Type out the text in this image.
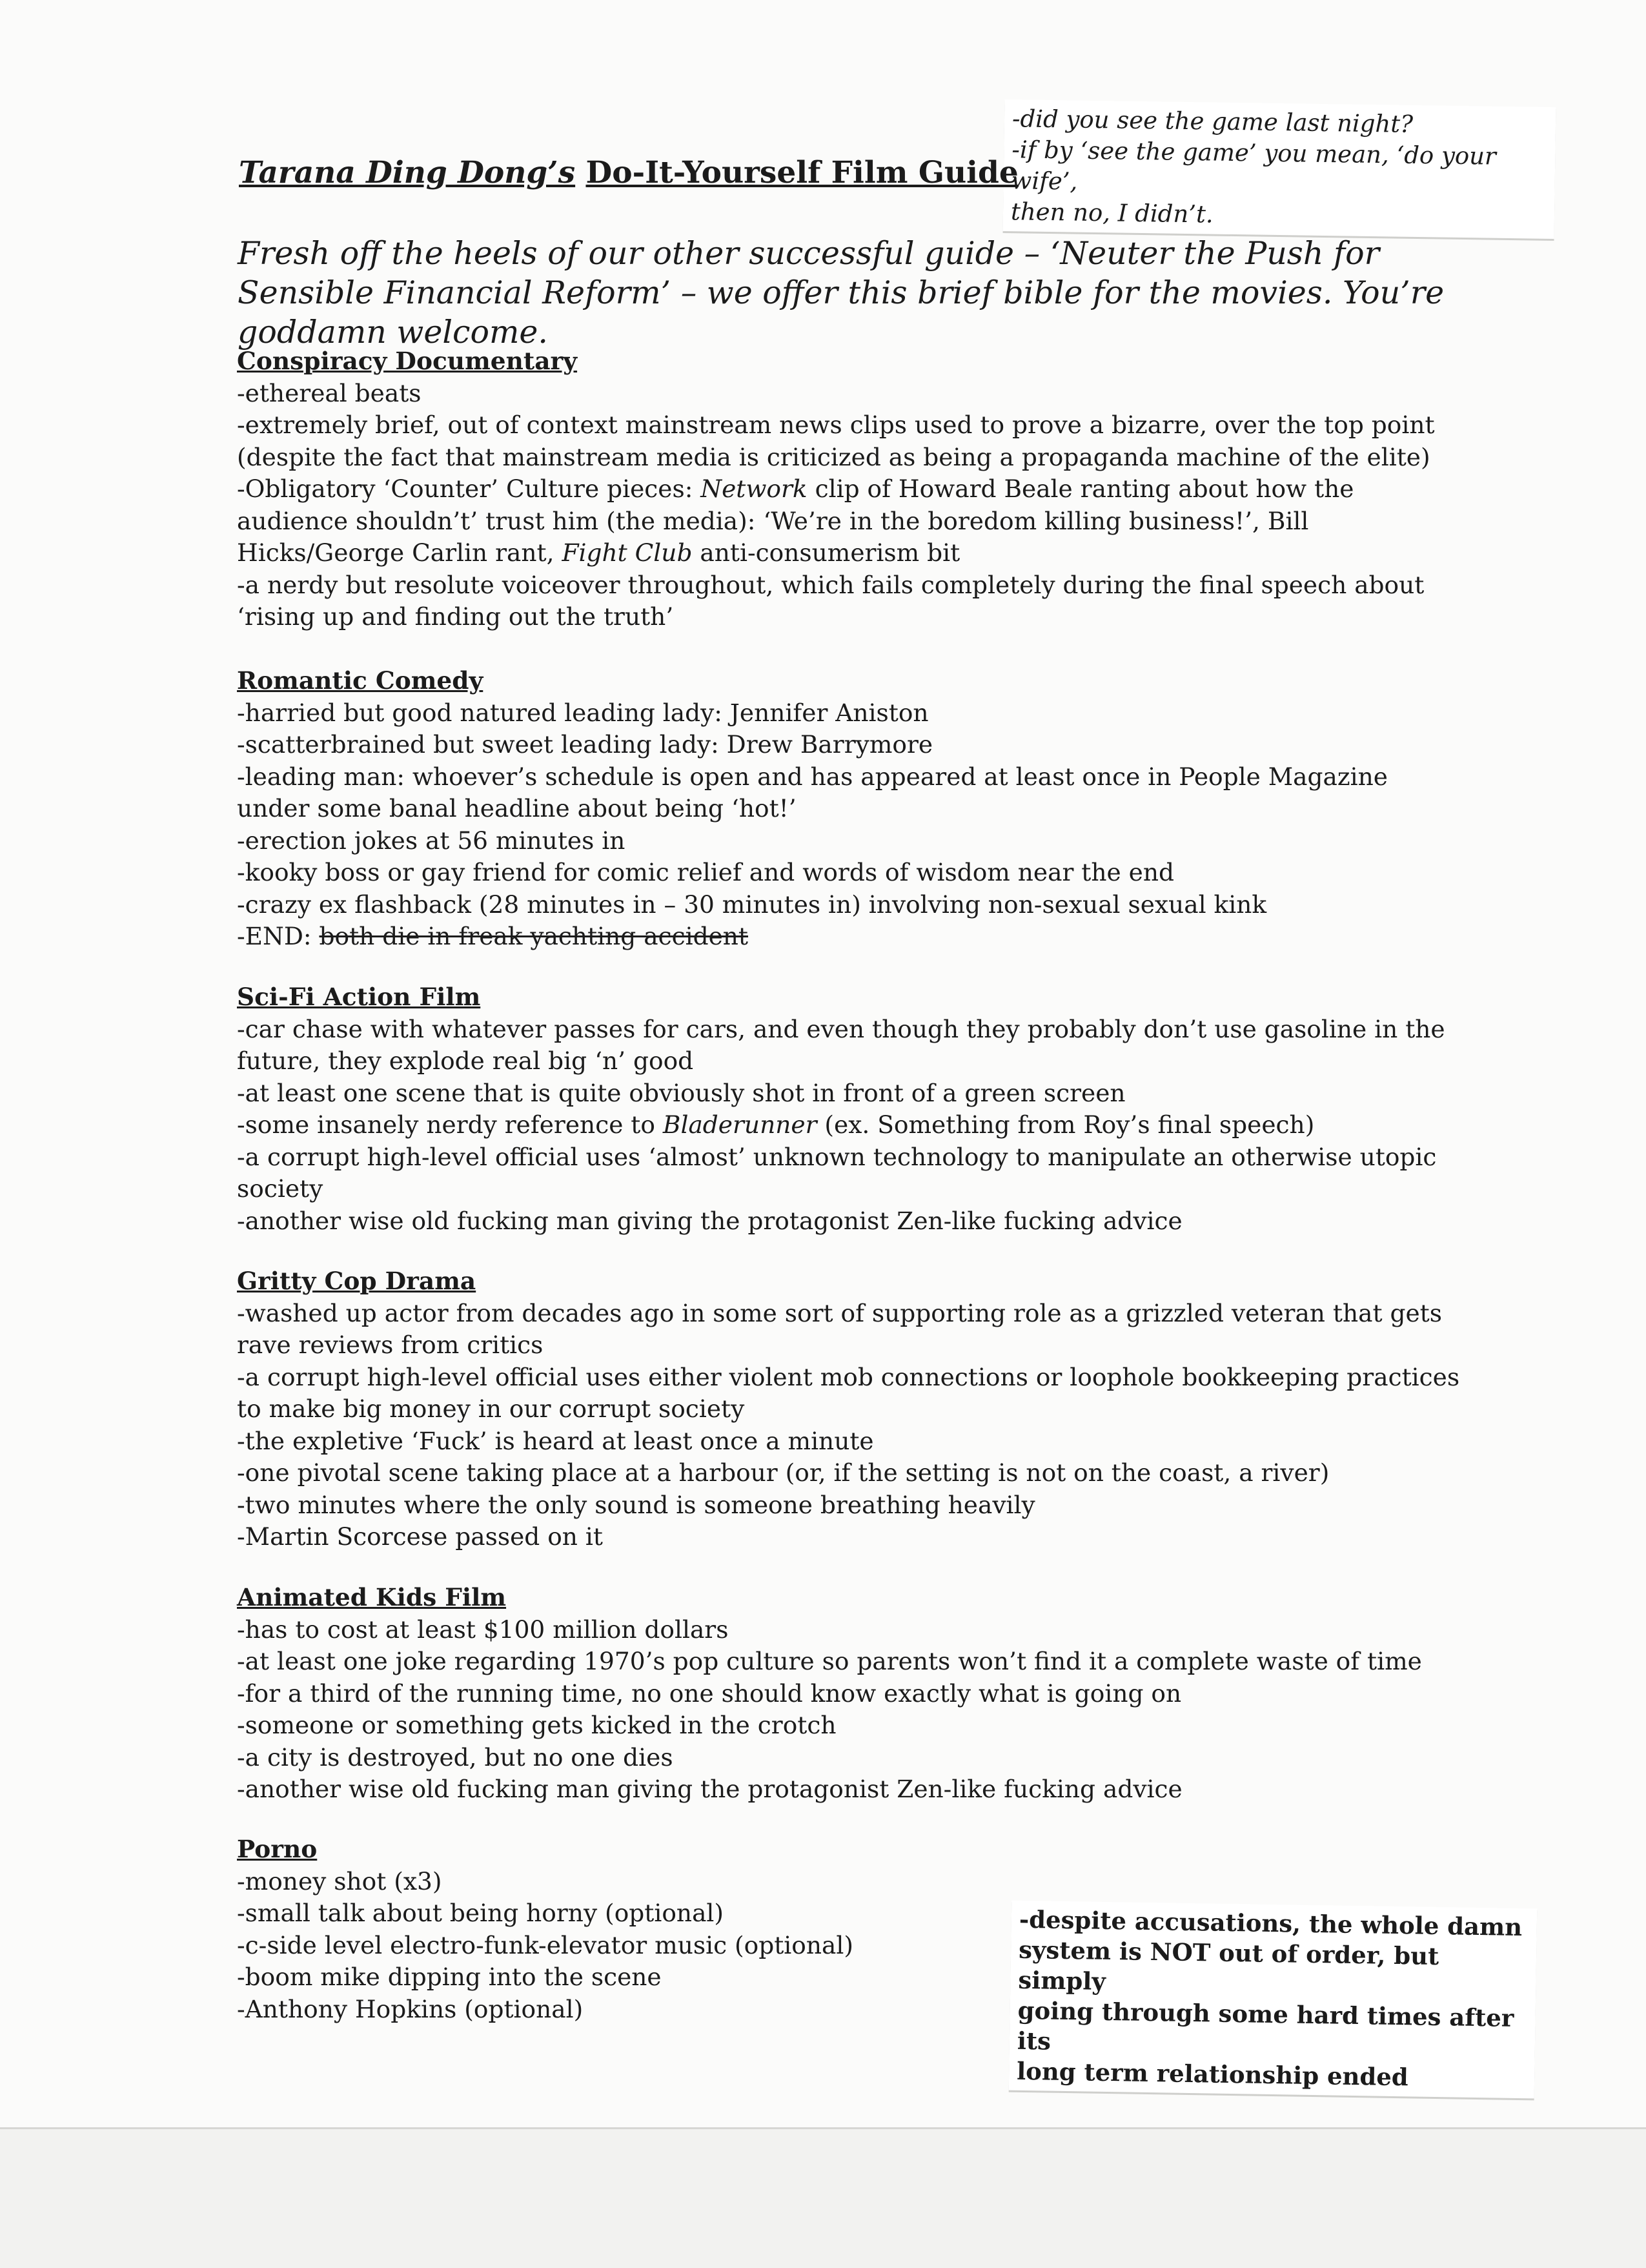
-did you see the game last night?

-if by ‘see the game’ you mean, ‘do your wife’,

then no, I didn’t.

Tarana Ding Dong’s Do-It-Yourself Film Guide
Fresh off the heels of our other successful guide – ‘Neuter the Push for Sensible Financial Reform’ – we offer this brief bible for the movies. You’re goddamn welcome.
Conspiracy Documentary

-ethereal beats

-extremely brief, out of context mainstream news clips used to prove a bizarre, over the top point (despite the fact that mainstream media is criticized as being a propaganda machine of the elite)

-Obligatory ‘Counter’ Culture pieces: Network clip of Howard Beale ranting about how the audience shouldn’t’ trust him (the media): ‘We’re in the boredom killing business!’, Bill Hicks/George Carlin rant, Fight Club anti-consumerism bit

-a nerdy but resolute voiceover throughout, which fails completely during the final speech about ‘rising up and finding out the truth’

Romantic Comedy

-harried but good natured leading lady: Jennifer Aniston

-scatterbrained but sweet leading lady: Drew Barrymore

-leading man: whoever’s schedule is open and has appeared at least once in People Magazine under some banal headline about being ‘hot!’

-erection jokes at 56 minutes in

-kooky boss or gay friend for comic relief and words of wisdom near the end

-crazy ex flashback (28 minutes in – 30 minutes in) involving non-sexual sexual kink

-END: both die in freak yachting accident

Sci-Fi Action Film

-car chase with whatever passes for cars, and even though they probably don’t use gasoline in the future, they explode real big ‘n’ good

-at least one scene that is quite obviously shot in front of a green screen

-some insanely nerdy reference to Bladerunner (ex. Something from Roy’s final speech)

-a corrupt high-level official uses ‘almost’ unknown technology to manipulate an otherwise utopic society

-another wise old fucking man giving the protagonist Zen-like fucking advice

Gritty Cop Drama

-washed up actor from decades ago in some sort of supporting role as a grizzled veteran that gets rave reviews from critics

-a corrupt high-level official uses either violent mob connections or loophole bookkeeping practices to make big money in our corrupt society

-the expletive ‘Fuck’ is heard at least once a minute

-one pivotal scene taking place at a harbour (or, if the setting is not on the coast, a river)

-two minutes where the only sound is someone breathing heavily

-Martin Scorcese passed on it

Animated Kids Film

-has to cost at least $100 million dollars

-at least one joke regarding 1970’s pop culture so parents won’t find it a complete waste of time

-for a third of the running time, no one should know exactly what is going on

-someone or something gets kicked in the crotch

-a city is destroyed, but no one dies

-another wise old fucking man giving the protagonist Zen-like fucking advice

Porno

-money shot (x3)

-small talk about being horny (optional)

-c-side level electro-funk-elevator music (optional)

-boom mike dipping into the scene

-Anthony Hopkins (optional)

-despite accusations, the whole damn

system is NOT out of order, but simply

going through some hard times after its

long term relationship ended
